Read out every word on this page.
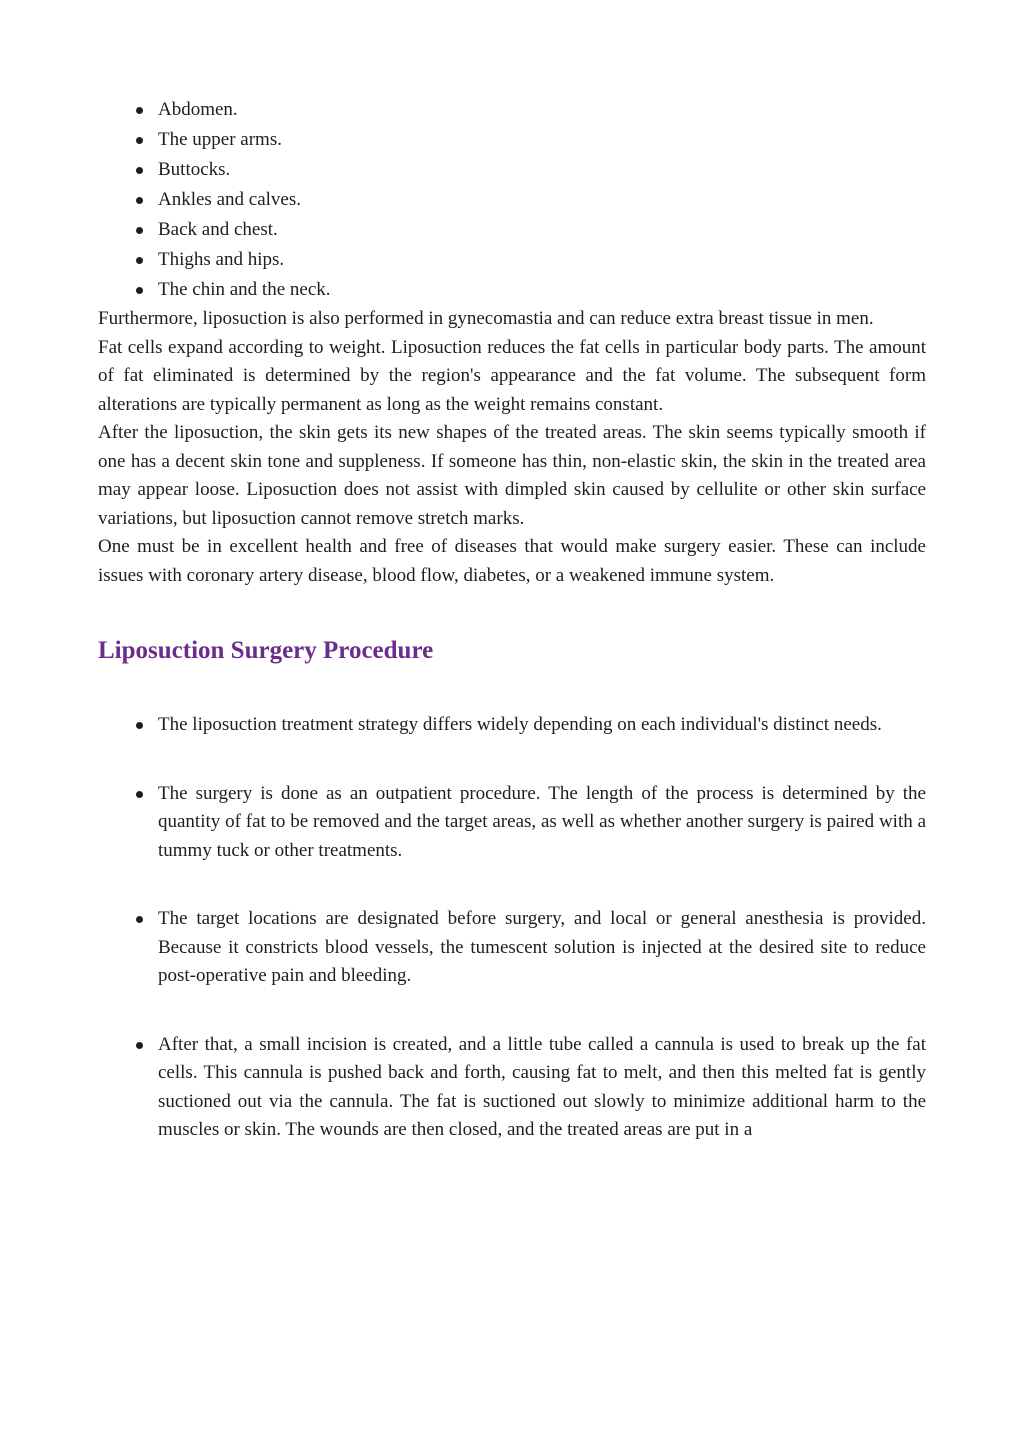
Abdomen.
The upper arms.
Buttocks.
Ankles and calves.
Back and chest.
Thighs and hips.
The chin and the neck.

Furthermore, liposuction is also performed in gynecomastia and can reduce extra breast tissue in men.

Fat cells expand according to weight. Liposuction reduces the fat cells in particular body parts. The amount of fat eliminated is determined by the region's appearance and the fat volume. The subsequent form alterations are typically permanent as long as the weight remains constant.

After the liposuction, the skin gets its new shapes of the treated areas. The skin seems typically smooth if one has a decent skin tone and suppleness. If someone has thin, non-elastic skin, the skin in the treated area may appear loose. Liposuction does not assist with dimpled skin caused by cellulite or other skin surface variations, but liposuction cannot remove stretch marks.

One must be in excellent health and free of diseases that would make surgery easier. These can include issues with coronary artery disease, blood flow, diabetes, or a weakened immune system.

Liposuction Surgery Procedure
The liposuction treatment strategy differs widely depending on each individual's distinct needs.
The surgery is done as an outpatient procedure. The length of the process is determined by the quantity of fat to be removed and the target areas, as well as whether another surgery is paired with a tummy tuck or other treatments.
The target locations are designated before surgery, and local or general anesthesia is provided. Because it constricts blood vessels, the tumescent solution is injected at the desired site to reduce post-operative pain and bleeding.
After that, a small incision is created, and a little tube called a cannula is used to break up the fat cells. This cannula is pushed back and forth, causing fat to melt, and then this melted fat is gently suctioned out via the cannula. The fat is suctioned out slowly to minimize additional harm to the muscles or skin. The wounds are then closed, and the treated areas are put in a
